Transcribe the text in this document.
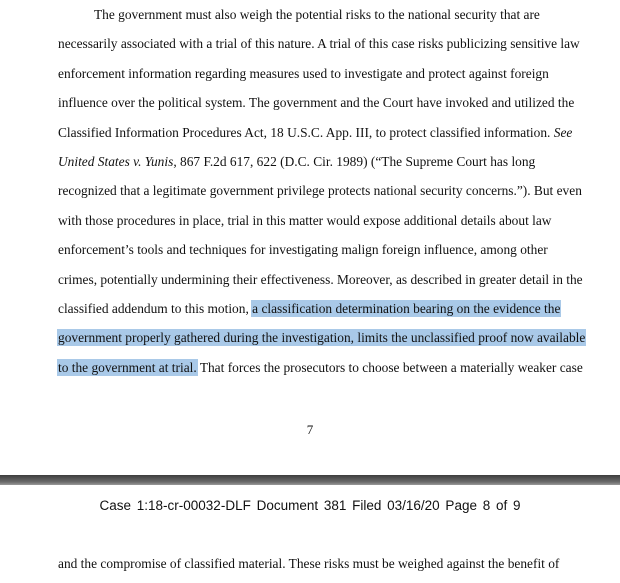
The government must also weigh the potential risks to the national security that are
necessarily associated with a trial of this nature. A trial of this case risks publicizing sensitive law
enforcement information regarding measures used to investigate and protect against foreign
influence over the political system. The government and the Court have invoked and utilized the
Classified Information Procedures Act, 18 U.S.C. App. III, to protect classified information. See
United States v. Yunis, 867 F.2d 617, 622 (D.C. Cir. 1989) (“The Supreme Court has long
recognized that a legitimate government privilege protects national security concerns.”). But even
with those procedures in place, trial in this matter would expose additional details about law
enforcement’s tools and techniques for investigating malign foreign influence, among other
crimes, potentially undermining their effectiveness. Moreover, as described in greater detail in the
classified addendum to this motion, a classification determination bearing on the evidence the
government properly gathered during the investigation, limits the unclassified proof now available
to the government at trial. That forces the prosecutors to choose between a materially weaker case
7
Case 1:18-cr-00032-DLF Document 381 Filed 03/16/20 Page 8 of 9
and the compromise of classified material. These risks must be weighed against the benefit of
